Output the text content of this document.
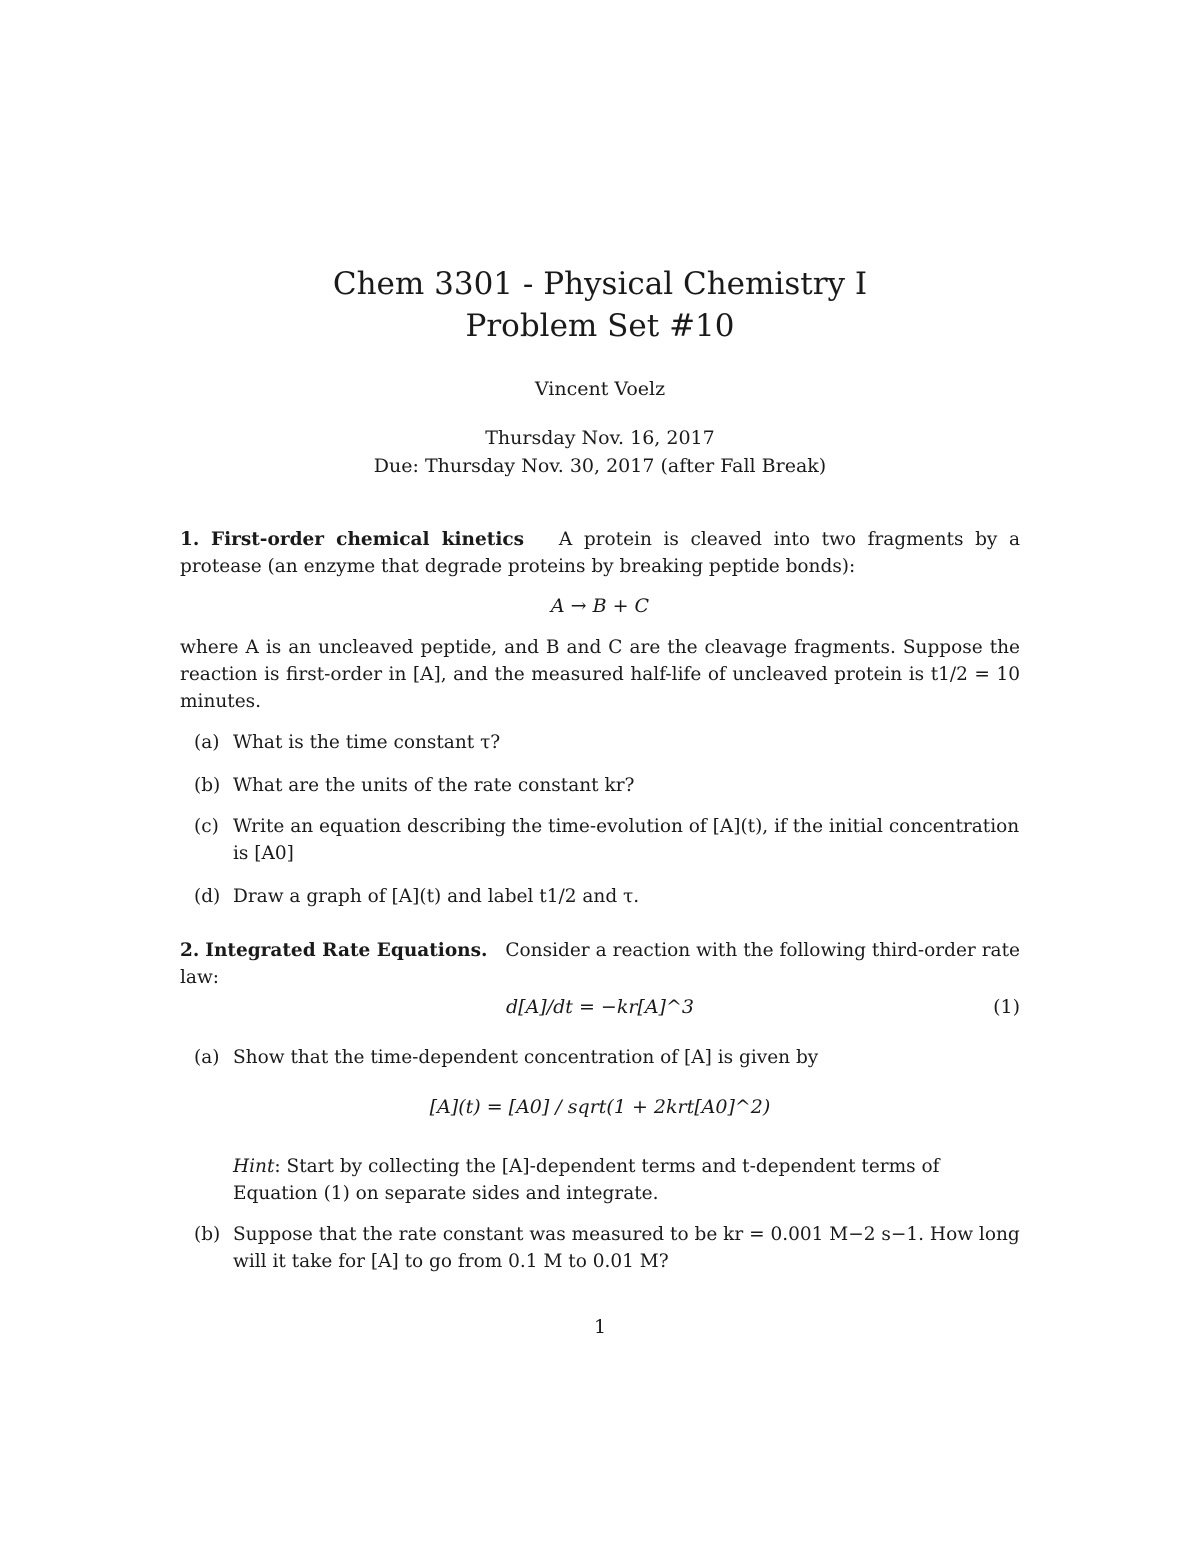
Chem 3301 - Physical Chemistry I
Problem Set #10
Vincent Voelz
Thursday Nov. 16, 2017
Due: Thursday Nov. 30, 2017 (after Fall Break)
1. First-order chemical kinetics A protein is cleaved into two fragments by a protease (an enzyme that degrade proteins by breaking peptide bonds):
A → B + C
where A is an uncleaved peptide, and B and C are the cleavage fragments. Suppose the reaction is first-order in [A], and the measured half-life of uncleaved protein is t1/2 = 10 minutes.
(a) What is the time constant τ?
(b) What are the units of the rate constant kr?
(c) Write an equation describing the time-evolution of [A](t), if the initial concentration is [A0]
(d) Draw a graph of [A](t) and label t1/2 and τ.
2. Integrated Rate Equations. Consider a reaction with the following third-order rate law:
d[A]/dt = −kr[A]^3	(1)
(a) Show that the time-dependent concentration of [A] is given by
[A](t) = [A0] / sqrt(1 + 2krt[A0]^2)
Hint: Start by collecting the [A]-dependent terms and t-dependent terms of Equation (1) on separate sides and integrate.
(b) Suppose that the rate constant was measured to be kr = 0.001 M−2 s−1. How long will it take for [A] to go from 0.1 M to 0.01 M?
1
